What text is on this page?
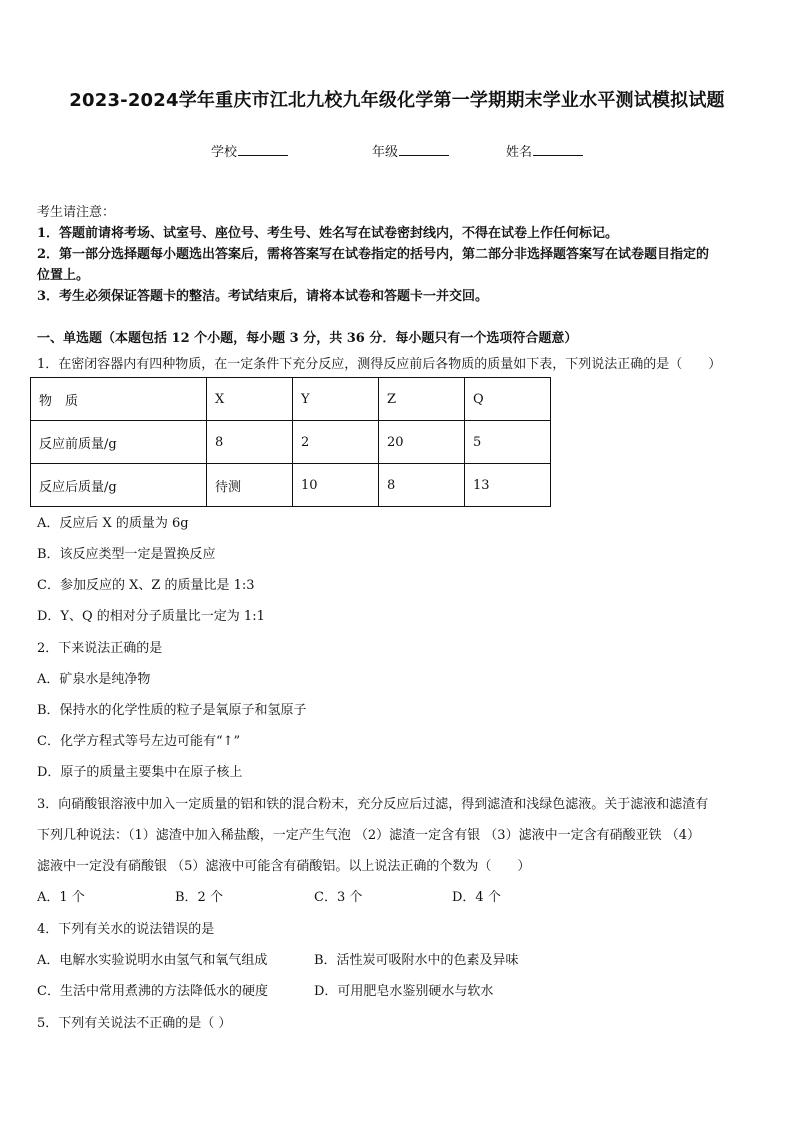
2023-2024学年重庆市江北九校九年级化学第一学期期末学业水平测试模拟试题
学校	年级	姓名
考生请注意：
1．答题前请将考场、试室号、座位号、考生号、姓名写在试卷密封线内，不得在试卷上作任何标记。
2．第一部分选择题每小题选出答案后，需将答案写在试卷指定的括号内，第二部分非选择题答案写在试卷题目指定的
位置上。
3．考生必须保证答题卡的整洁。考试结束后，请将本试卷和答题卡一并交回。
一、单选题（本题包括 12 个小题，每小题 3 分，共 36 分．每小题只有一个选项符合题意）
1．在密闭容器内有四种物质，在一定条件下充分反应，测得反应前后各物质的质量如下表，下列说法正确的是（　　）
物　质	X	Y	Z	Q
反应前质量/g	8	2	20	5
反应后质量/g	待测	10	8	13
A．反应后 X 的质量为 6g
B．该反应类型一定是置换反应
C．参加反应的 X、Z 的质量比是 1:3
D．Y、Q 的相对分子质量比一定为 1:1
2．下来说法正确的是
A．矿泉水是纯净物
B．保持水的化学性质的粒子是氧原子和氢原子
C．化学方程式等号左边可能有“↑”
D．原子的质量主要集中在原子核上
3．向硝酸银溶液中加入一定质量的铝和铁的混合粉末，充分反应后过滤，得到滤渣和浅绿色滤液。关于滤液和滤渣有
下列几种说法：（1）滤渣中加入稀盐酸，一定产生气泡 （2）滤渣一定含有银 （3）滤液中一定含有硝酸亚铁 （4）
滤液中一定没有硝酸银 （5）滤液中可能含有硝酸铝。以上说法正确的个数为（　　）
A．1 个	B．2 个	C．3 个	D．4 个
4．下列有关水的说法错误的是
A．电解水实验说明水由氢气和氧气组成	B．活性炭可吸附水中的色素及异味
C．生活中常用煮沸的方法降低水的硬度	D．可用肥皂水鉴别硬水与软水
5．下列有关说法不正确的是（ ）
